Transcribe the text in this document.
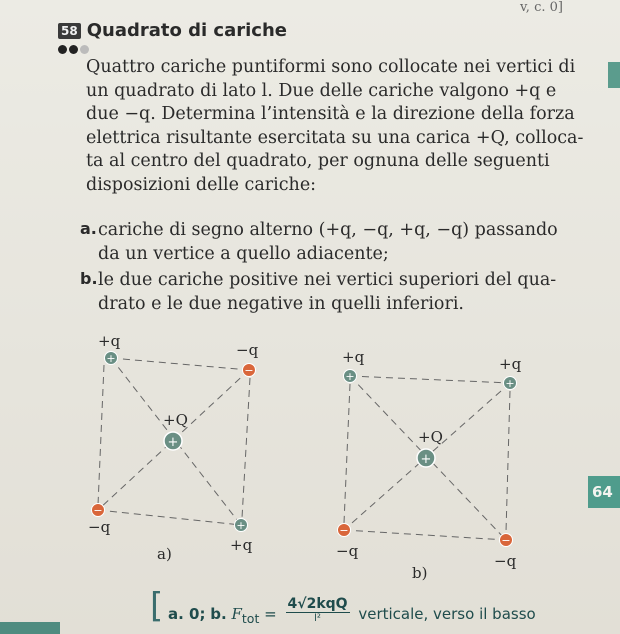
v, c. 0]
58 Quadrato di cariche
Quattro cariche puntiformi sono collocate nei vertici di
un quadrato di lato l. Due delle cariche valgono +q e
due −q. Determina l’intensità e la direzione della forza
elettrica risultante esercitata su una carica +Q, colloca-
ta al centro del quadrato, per ognuna delle seguenti
disposizioni delle cariche:
a. cariche di segno alterno (+q, −q, +q, −q) passando
da un vertice a quello adiacente;
b. le due cariche positive nei vertici superiori del qua-
drato e le due negative in quelli inferiori.
64
+
−
−
+
+
+q	−q
−q
+q
+Q
a)
+
+
−
−
+
+q	+q
−q
−q
+Q
b)
[ a. 0; b. $F_{tot} = \frac{\text{4√2kqQ}}{\text{l²}}$ verticale, verso il basso
